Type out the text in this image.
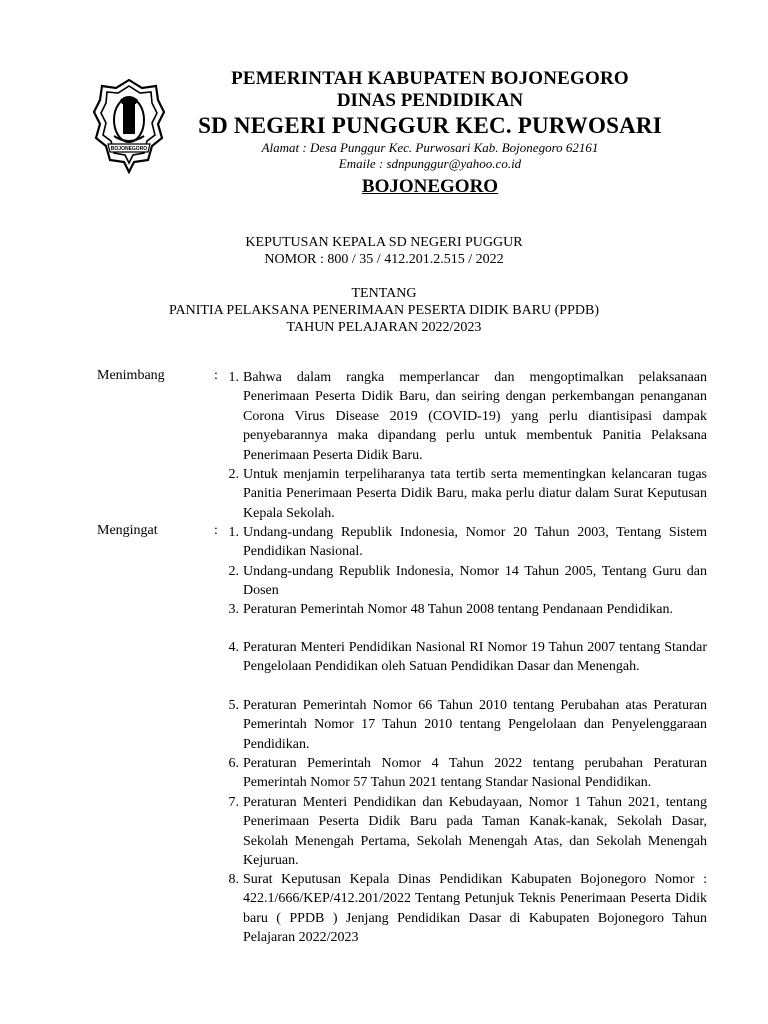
BOJONEGORO
PEMERINTAH KABUPATEN BOJONEGORO
DINAS PENDIDIKAN
SD NEGERI PUNGGUR KEC. PURWOSARI
Alamat : Desa Punggur Kec. Purwosari Kab. Bojonegoro 62161
Emaile : sdnpunggur@yahoo.co.id
BOJONEGORO
KEPUTUSAN KEPALA SD NEGERI PUGGUR
NOMOR : 800 / 35 / 412.201.2.515 / 2022
TENTANG
PANITIA PELAKSANA PENERIMAAN PESERTA DIDIK BARU (PPDB)
TAHUN PELAJARAN 2022/2023
Menimbang	: 1. Bahwa dalam rangka memperlancar dan mengoptimalkan pelaksanaan Penerimaan Peserta Didik Baru, dan seiring dengan perkembangan penanganan Corona Virus Disease 2019 (COVID-19) yang perlu diantisipasi dampak penyebarannya maka dipandang perlu untuk membentuk Panitia Pelaksana Penerimaan Peserta Didik Baru.
2. Untuk menjamin terpeliharanya tata tertib serta mementingkan kelancaran tugas Panitia Penerimaan Peserta Didik Baru, maka perlu diatur dalam Surat Keputusan Kepala Sekolah.
Mengingat	: 1. Undang-undang Republik Indonesia, Nomor 20 Tahun 2003, Tentang Sistem Pendidikan Nasional.
2. Undang-undang Republik Indonesia, Nomor 14 Tahun 2005, Tentang Guru dan Dosen
3. Peraturan Pemerintah Nomor 48 Tahun 2008 tentang Pendanaan Pendidikan.
4. Peraturan Menteri Pendidikan Nasional RI Nomor 19 Tahun 2007 tentang Standar Pengelolaan Pendidikan oleh Satuan Pendidikan Dasar dan Menengah.
5. Peraturan Pemerintah Nomor 66 Tahun 2010 tentang Perubahan atas Peraturan Pemerintah Nomor 17 Tahun 2010 tentang Pengelolaan dan Penyelenggaraan Pendidikan.
6. Peraturan Pemerintah Nomor 4 Tahun 2022 tentang perubahan Peraturan Pemerintah Nomor 57 Tahun 2021 tentang Standar Nasional Pendidikan.
7. Peraturan Menteri Pendidikan dan Kebudayaan, Nomor 1 Tahun 2021, tentang Penerimaan Peserta Didik Baru pada Taman Kanak-kanak, Sekolah Dasar, Sekolah Menengah Pertama, Sekolah Menengah Atas, dan Sekolah Menengah Kejuruan.
8. Surat Keputusan Kepala Dinas Pendidikan Kabupaten Bojonegoro Nomor : 422.1/666/KEP/412.201/2022 Tentang Petunjuk Teknis Penerimaan Peserta Didik baru ( PPDB ) Jenjang Pendidikan Dasar di Kabupaten Bojonegoro Tahun Pelajaran 2022/2023
